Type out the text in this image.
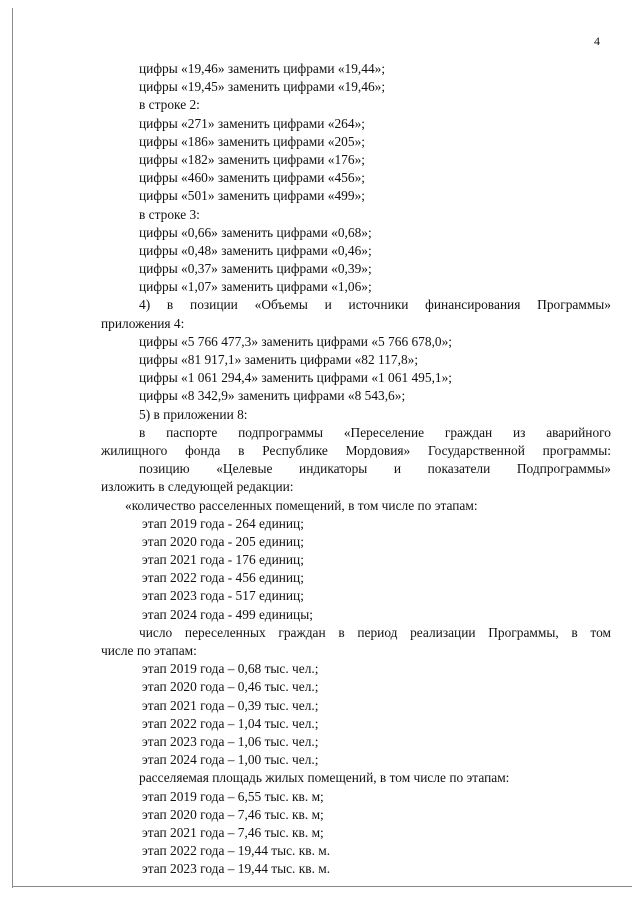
4
цифры «19,46» заменить цифрами «19,44»;
цифры «19,45» заменить цифрами «19,46»;
в строке 2:
цифры «271» заменить цифрами «264»;
цифры «186» заменить цифрами «205»;
цифры «182» заменить цифрами «176»;
цифры «460» заменить цифрами «456»;
цифры «501» заменить цифрами «499»;
в строке 3:
цифры «0,66» заменить цифрами «0,68»;
цифры «0,48» заменить цифрами «0,46»;
цифры «0,37» заменить цифрами «0,39»;
цифры «1,07» заменить цифрами «1,06»;
4) в позиции «Объемы и источники финансирования Программы»
приложения 4:
цифры «5 766 477,3» заменить цифрами «5 766 678,0»;
цифры «81 917,1» заменить цифрами «82 117,8»;
цифры «1 061 294,4» заменить цифрами «1 061 495,1»;
цифры «8 342,9» заменить цифрами «8 543,6»;
5) в приложении 8:
в паспорте подпрограммы «Переселение граждан из аварийного
жилищного фонда в Республике Мордовия» Государственной программы:
позицию «Целевые индикаторы и показатели Подпрограммы»
изложить в следующей редакции:
«количество расселенных помещений, в том числе по этапам:
этап 2019 года - 264 единиц;
этап 2020 года - 205 единиц;
этап 2021 года - 176 единиц;
этап 2022 года - 456 единиц;
этап 2023 года - 517 единиц;
этап 2024 года - 499 единицы;
число переселенных граждан в период реализации Программы, в том
числе по этапам:
этап 2019 года – 0,68 тыс. чел.;
этап 2020 года – 0,46 тыс. чел.;
этап 2021 года – 0,39 тыс. чел.;
этап 2022 года – 1,04 тыс. чел.;
этап 2023 года – 1,06 тыс. чел.;
этап 2024 года – 1,00 тыс. чел.;
расселяемая площадь жилых помещений, в том числе по этапам:
этап 2019 года – 6,55 тыс. кв. м;
этап 2020 года – 7,46 тыс. кв. м;
этап 2021 года – 7,46 тыс. кв. м;
этап 2022 года – 19,44 тыс. кв. м.
этап 2023 года – 19,44 тыс. кв. м.
